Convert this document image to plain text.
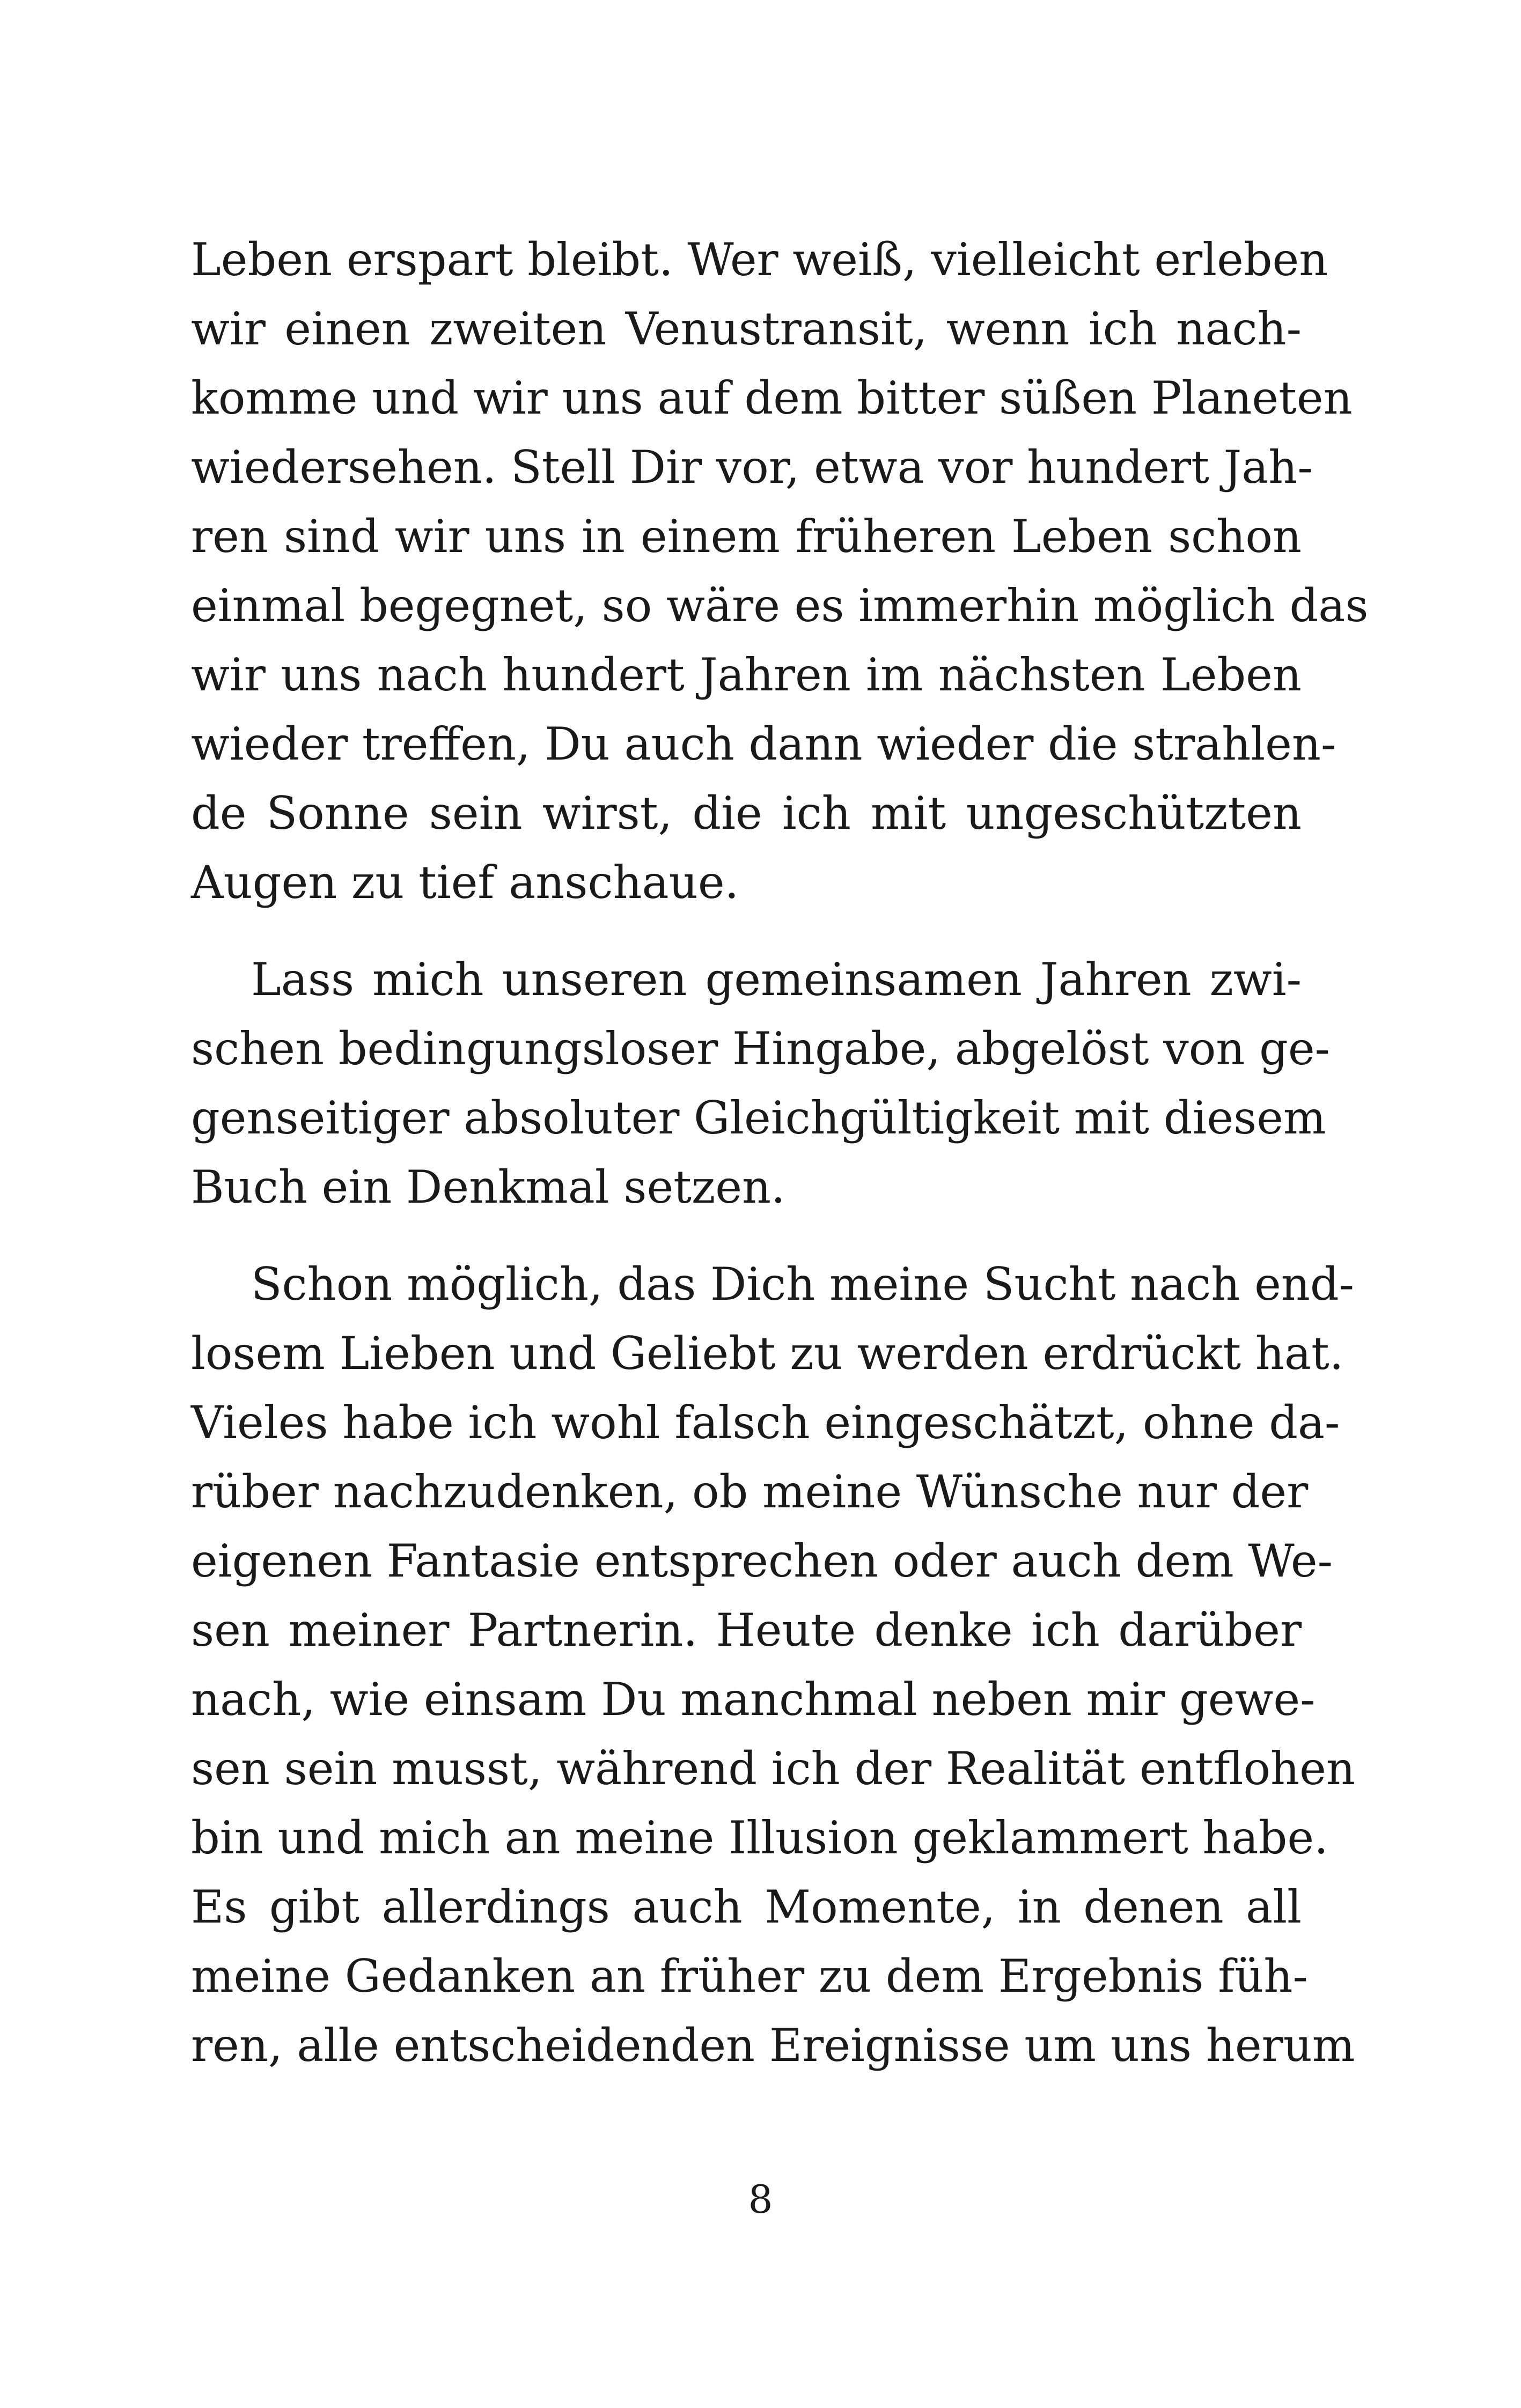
Leben erspart bleibt. Wer weiß, vielleicht erleben
wir einen zweiten Venustransit, wenn ich nach-
komme und wir uns auf dem bitter süßen Planeten
wiedersehen. Stell Dir vor, etwa vor hundert Jah-
ren sind wir uns in einem früheren Leben schon
einmal begegnet, so wäre es immerhin möglich das
wir uns nach hundert Jahren im nächsten Leben
wieder treffen, Du auch dann wieder die strahlen-
de Sonne sein wirst, die ich mit ungeschützten
Augen zu tief anschaue.
Lass mich unseren gemeinsamen Jahren zwi-
schen bedingungsloser Hingabe, abgelöst von ge-
genseitiger absoluter Gleichgültigkeit mit diesem
Buch ein Denkmal setzen.
Schon möglich, das Dich meine Sucht nach end-
losem Lieben und Geliebt zu werden erdrückt hat.
Vieles habe ich wohl falsch eingeschätzt, ohne da-
rüber nachzudenken, ob meine Wünsche nur der
eigenen Fantasie entsprechen oder auch dem We-
sen meiner Partnerin. Heute denke ich darüber
nach, wie einsam Du manchmal neben mir gewe-
sen sein musst, während ich der Realität entflohen
bin und mich an meine Illusion geklammert habe.
Es gibt allerdings auch Momente, in denen all
meine Gedanken an früher zu dem Ergebnis füh-
ren, alle entscheidenden Ereignisse um uns herum
8
